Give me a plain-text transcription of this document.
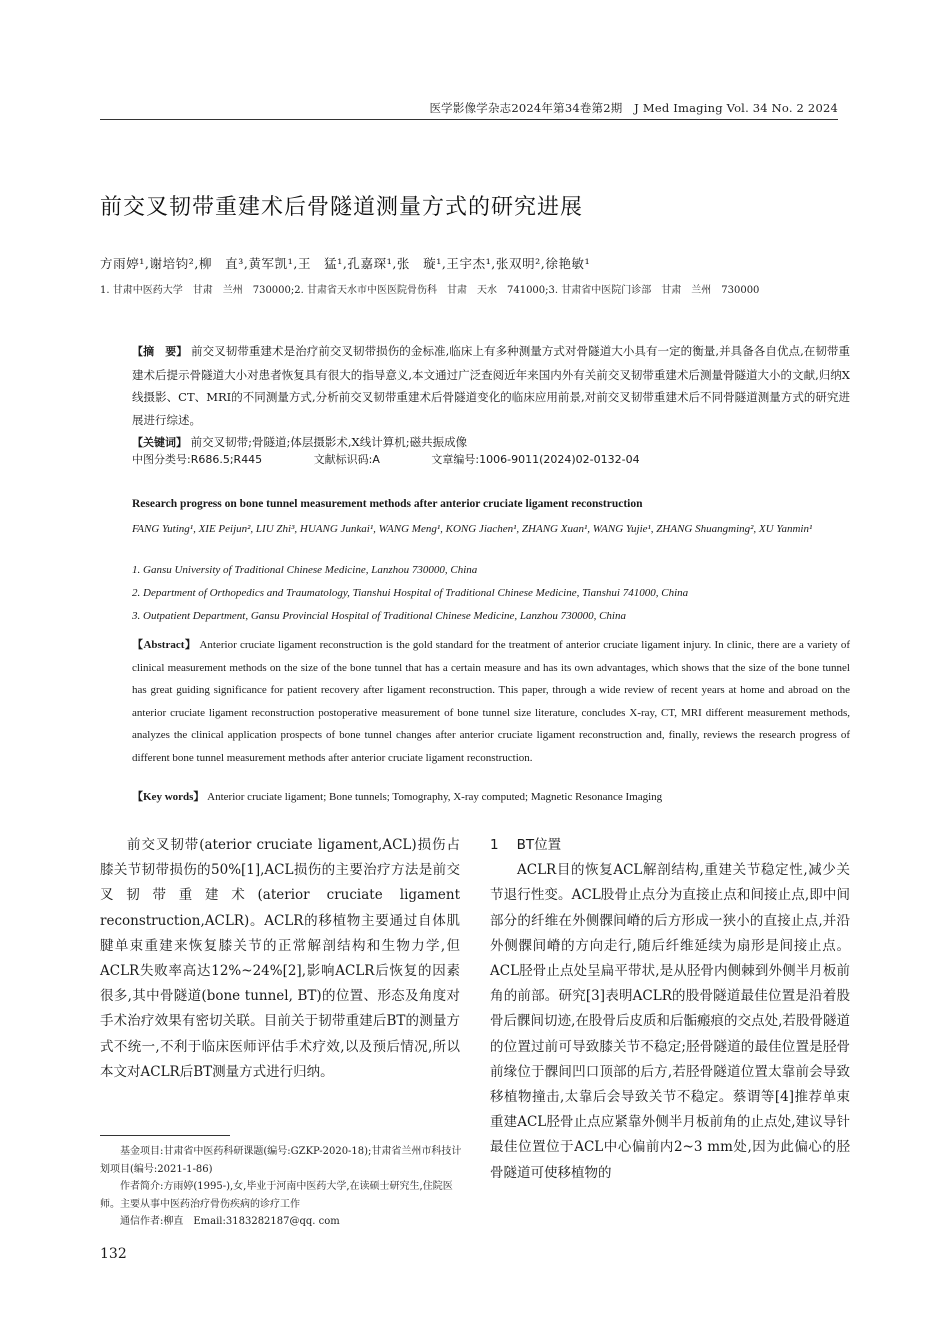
医学影像学杂志2024年第34卷第2期　J Med Imaging Vol. 34 No. 2 2024
前交叉韧带重建术后骨隧道测量方式的研究进展
方雨婷¹,谢培钧²,柳　直³,黄军凯¹,王　猛¹,孔嘉琛¹,张　璇¹,王宇杰¹,张双明²,徐艳敏¹
1. 甘肃中医药大学　甘肃　兰州　730000;2. 甘肃省天水市中医医院骨伤科　甘肃　天水　741000;3. 甘肃省中医院门诊部　甘肃　兰州　730000
【摘　要】 前交叉韧带重建术是治疗前交叉韧带损伤的金标准,临床上有多种测量方式对骨隧道大小具有一定的衡量,并具备各自优点,在韧带重建术后提示骨隧道大小对患者恢复具有很大的指导意义,本文通过广泛查阅近年来国内外有关前交叉韧带重建术后测量骨隧道大小的文献,归纳X线摄影、CT、MRI的不同测量方式,分析前交叉韧带重建术后骨隧道变化的临床应用前景,对前交叉韧带重建术后不同骨隧道测量方式的研究进展进行综述。
【关键词】 前交叉韧带;骨隧道;体层摄影术,X线计算机;磁共振成像
中图分类号:R686.5;R445	文献标识码:A	文章编号:1006-9011(2024)02-0132-04
Research progress on bone tunnel measurement methods after anterior cruciate ligament reconstruction
FANG Yuting¹, XIE Peijun², LIU Zhi³, HUANG Junkai¹, WANG Meng¹, KONG Jiachen¹, ZHANG Xuan¹, WANG Yujie¹, ZHANG Shuangming², XU Yanmin¹
1. Gansu University of Traditional Chinese Medicine, Lanzhou 730000, China
2. Department of Orthopedics and Traumatology, Tianshui Hospital of Traditional Chinese Medicine, Tianshui 741000, China
3. Outpatient Department, Gansu Provincial Hospital of Traditional Chinese Medicine, Lanzhou 730000, China
【Abstract】 Anterior cruciate ligament reconstruction is the gold standard for the treatment of anterior cruciate ligament injury. In clinic, there are a variety of clinical measurement methods on the size of the bone tunnel that has a certain measure and has its own advantages, which shows that the size of the bone tunnel has great guiding significance for patient recovery after ligament reconstruction. This paper, through a wide review of recent years at home and abroad on the anterior cruciate ligament reconstruction postoperative measurement of bone tunnel size literature, concludes X-ray, CT, MRI different measurement methods, analyzes the clinical application prospects of bone tunnel changes after anterior cruciate ligament reconstruction and, finally, reviews the research progress of different bone tunnel measurement methods after anterior cruciate ligament reconstruction.
【Key words】 Anterior cruciate ligament; Bone tunnels; Tomography, X-ray computed; Magnetic Resonance Imaging

前交叉韧带(aterior cruciate ligament,ACL)损伤占膝关节韧带损伤的50%[1],ACL损伤的主要治疗方法是前交叉韧带重建术(aterior cruciate ligament reconstruction,ACLR)。ACLR的移植物主要通过自体肌腱单束重建来恢复膝关节的正常解剖结构和生物力学,但ACLR失败率高达12%~24%[2],影响ACLR后恢复的因素很多,其中骨隧道(bone tunnel, BT)的位置、形态及角度对手术治疗效果有密切关联。目前关于韧带重建后BT的测量方式不统一,不利于临床医师评估手术疗效,以及预后情况,所以本文对ACLR后BT测量方式进行归纳。

1 BT位置

ACLR目的恢复ACL解剖结构,重建关节稳定性,减少关节退行性变。ACL股骨止点分为直接止点和间接止点,即中间部分的纤维在外侧髁间嵴的后方形成一狭小的直接止点,并沿外侧髁间嵴的方向走行,随后纤维延续为扇形是间接止点。ACL胫骨止点处呈扁平带状,是从胫骨内侧棘到外侧半月板前角的前部。研究[3]表明ACLR的股骨隧道最佳位置是沿着股骨后髁间切迹,在股骨后皮质和后骺瘢痕的交点处,若股骨隧道的位置过前可导致膝关节不稳定;胫骨隧道的最佳位置是胫骨前缘位于髁间凹口顶部的后方,若胫骨隧道位置太靠前会导致移植物撞击,太靠后会导致关节不稳定。蔡谓等[4]推荐单束重建ACL胫骨止点应紧靠外侧半月板前角的止点处,建议导针最佳位置位于ACL中心偏前内2~3 mm处,因为此偏心的胫骨隧道可使移植物的

基金项目:甘肃省中医药科研课题(编号:GZKP-2020-18);甘肃省兰州市科技计划项目(编号:2021-1-86)

作者简介:方雨婷(1995-),女,毕业于河南中医药大学,在读硕士研究生,住院医师。主要从事中医药治疗骨伤疾病的诊疗工作

通信作者:柳直　Email:3183282187@qq. com

132
